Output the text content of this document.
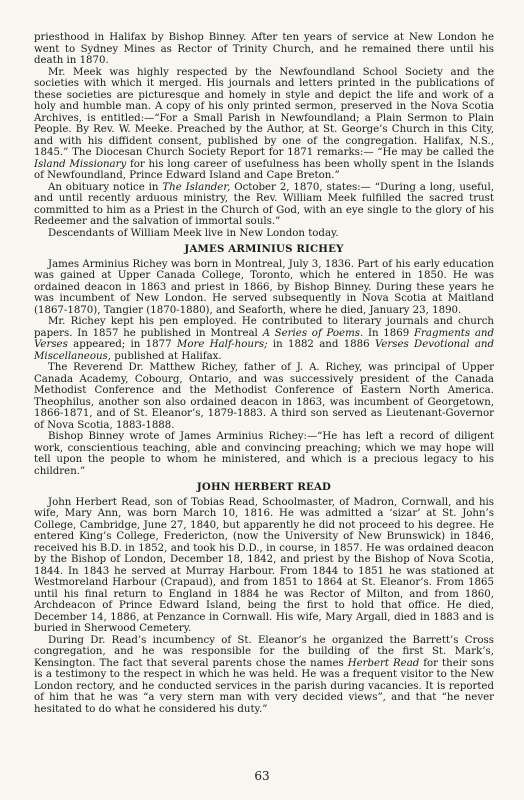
priesthood in Halifax by Bishop Binney. After ten years of service at New London he went to Sydney Mines as Rector of Trinity Church, and he remained there until his death in 1870.

Mr. Meek was highly respected by the Newfoundland School Society and the societies with which it merged. His journals and letters printed in the publications of these societies are picturesque and homely in style and depict the life and work of a holy and humble man. A copy of his only printed sermon, preserved in the Nova Scotia Archives, is entitled:—“For a Small Parish in Newfoundland; a Plain Sermon to Plain People. By Rev. W. Meeke. Preached by the Author, at St. George’s Church in this City, and with his diffident consent, published by one of the congregation. Halifax, N.S., 1845.” The Diocesan Church Society Report for 1871 remarks:— “He may be called the Island Missionary for his long career of usefulness has been wholly spent in the Islands of Newfoundland, Prince Edward Island and Cape Breton.”

An obituary notice in The Islander, October 2, 1870, states:— “During a long, useful, and until recently arduous ministry, the Rev. William Meek fulfilled the sacred trust committed to him as a Priest in the Church of God, with an eye single to the glory of his Redeemer and the salvation of immortal souls.”

Descendants of William Meek live in New London today.

JAMES ARMINIUS RICHEY

James Arminius Richey was born in Montreal, July 3, 1836. Part of his early education was gained at Upper Canada College, Toronto, which he entered in 1850. He was ordained deacon in 1863 and priest in 1866, by Bishop Binney. During these years he was incumbent of New London. He served subsequently in Nova Scotia at Maitland (1867-1870), Tangier (1870-1880), and Seaforth, where he died, January 23, 1890.

Mr. Richey kept his pen employed. He contributed to literary journals and church papers. In 1857 he published in Montreal A Series of Poems. In 1869 Fragments and Verses appeared; in 1877 More Half-hours; in 1882 and 1886 Verses Devotional and Miscellaneous, published at Halifax.

The Reverend Dr. Matthew Richey, father of J. A. Richey, was principal of Upper Canada Academy, Cobourg, Ontario, and was successively president of the Canada Methodist Conference and the Methodist Conference of Eastern North America. Theophilus, another son also ordained deacon in 1863, was incumbent of Georgetown, 1866-1871, and of St. Eleanor’s, 1879-1883. A third son served as Lieutenant-Governor of Nova Scotia, 1883-1888.

Bishop Binney wrote of James Arminius Richey:—“He has left a record of diligent work, conscientious teaching, able and convincing preaching; which we may hope will tell upon the people to whom he ministered, and which is a precious legacy to his children.”

JOHN HERBERT READ

John Herbert Read, son of Tobias Read, Schoolmaster, of Madron, Cornwall, and his wife, Mary Ann, was born March 10, 1816. He was admitted a ‘sizar’ at St. John’s College, Cambridge, June 27, 1840, but apparently he did not proceed to his degree. He entered King’s College, Fredericton, (now the University of New Brunswick) in 1846, received his B.D. in 1852, and took his D.D., in course, in 1857. He was ordained deacon by the Bishop of London, December 18, 1842, and priest by the Bishop of Nova Scotia, 1844. In 1843 he served at Murray Harbour. From 1844 to 1851 he was stationed at Westmoreland Harbour (Crapaud), and from 1851 to 1864 at St. Eleanor’s. From 1865 until his final return to England in 1884 he was Rector of Milton, and from 1860, Archdeacon of Prince Edward Island, being the first to hold that office. He died, December 14, 1886, at Penzance in Cornwall. His wife, Mary Argall, died in 1883 and is buried in Sherwood Cemetery.

During Dr. Read’s incumbency of St. Eleanor’s he organized the Barrett’s Cross congregation, and he was responsible for the building of the first St. Mark’s, Kensington. The fact that several parents chose the names Herbert Read for their sons is a testimony to the respect in which he was held. He was a frequent visitor to the New London rectory, and he conducted services in the parish during vacancies. It is reported of him that he was “a very stern man with very decided views”, and that “he never hesitated to do what he considered his duty.”

63
